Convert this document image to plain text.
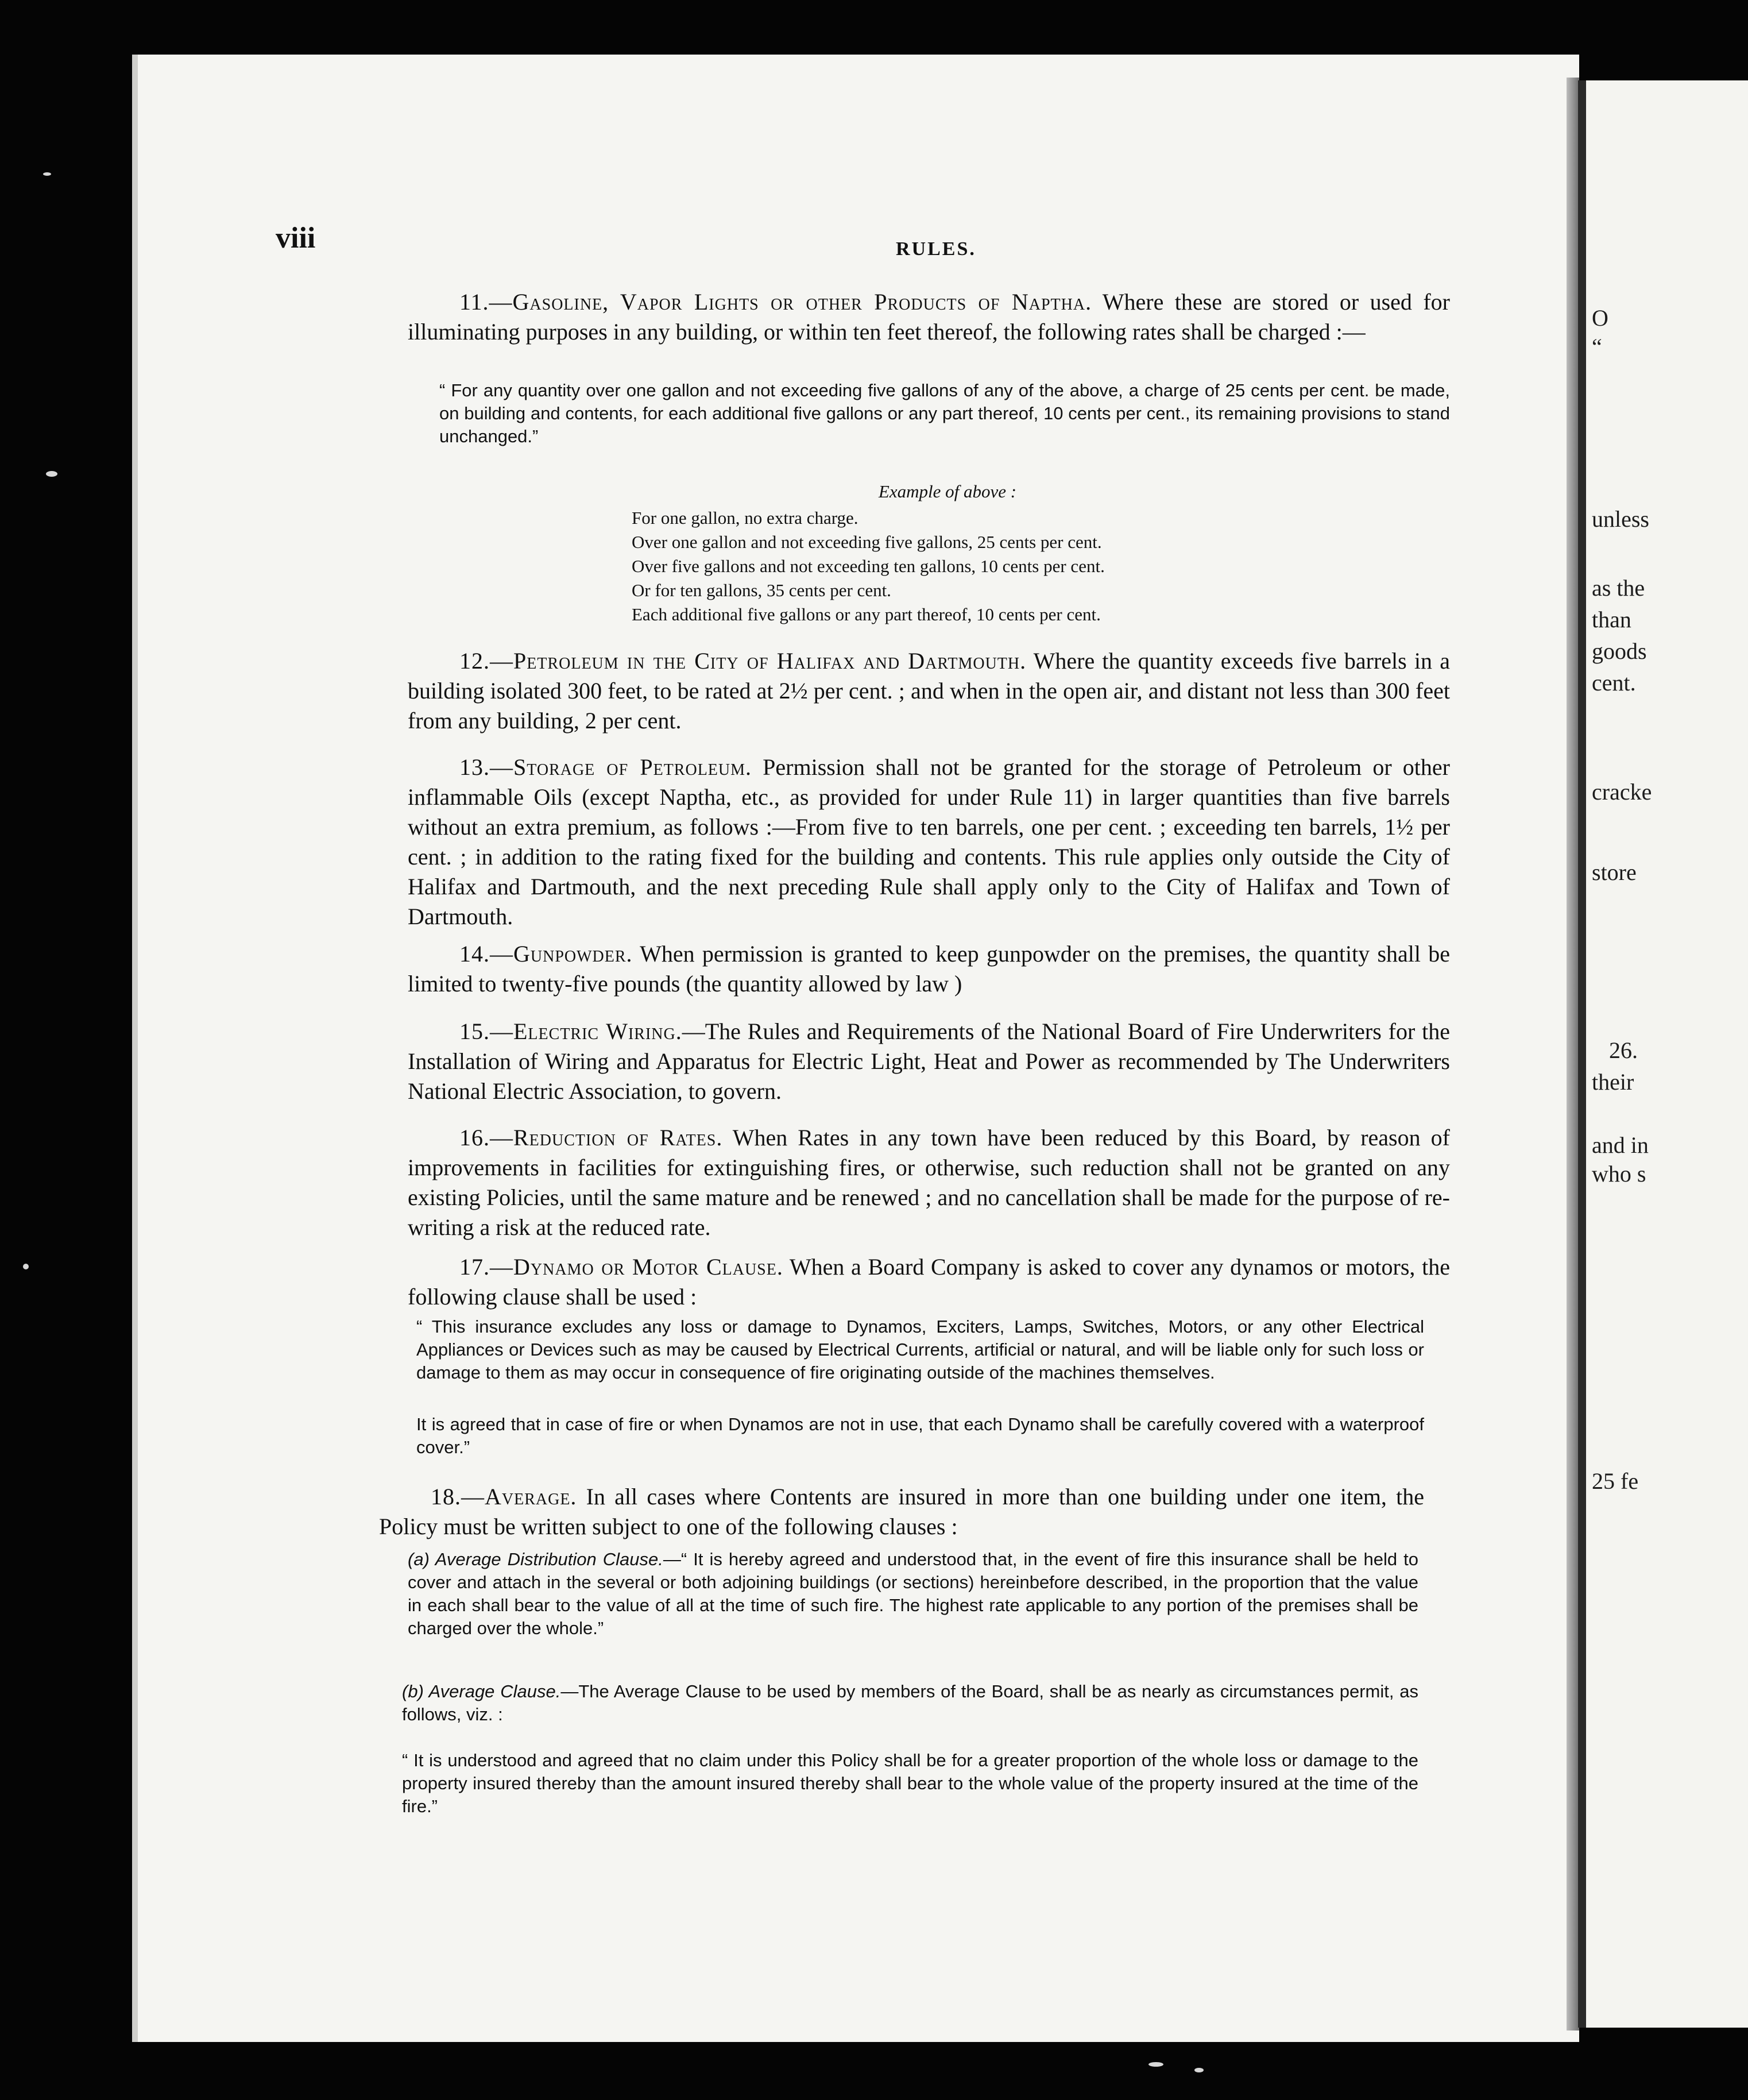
O
“
unless
as the
than
goods
cent.
cracke
store
26.
their
and in
who s
25 fe
viii	RULES.

11.—Gasoline, Vapor Lights or other Products of Naptha. Where these are stored or used for illuminating purposes in any building, or within ten feet thereof, the following rates shall be charged :—

“ For any quantity over one gallon and not exceeding five gallons of any of the above, a charge of 25 cents per cent. be made, on building and contents, for each additional five gallons or any part thereof, 10 cents per cent., its remaining provisions to stand unchanged.”
Example of above :
For one gallon, no extra charge.
Over one gallon and not exceeding five gallons, 25 cents per cent.
Over five gallons and not exceeding ten gallons, 10 cents per cent.
Or for ten gallons, 35 cents per cent.
Each additional five gallons or any part thereof, 10 cents per cent.

12.—Petroleum in the City of Halifax and Dartmouth. Where the quantity exceeds five barrels in a building isolated 300 feet, to be rated at 2½ per cent. ; and when in the open air, and distant not less than 300 feet from any building, 2 per cent.

13.—Storage of Petroleum. Permission shall not be granted for the storage of Petroleum or other inflammable Oils (except Naptha, etc., as provided for under Rule 11) in larger quantities than five barrels without an extra premium, as follows :—From five to ten barrels, one per cent. ; exceeding ten barrels, 1½ per cent. ; in addition to the rating fixed for the building and contents. This rule applies only outside the City of Halifax and Dartmouth, and the next preceding Rule shall apply only to the City of Halifax and Town of Dartmouth.

14.—Gunpowder. When permission is granted to keep gunpowder on the premises, the quantity shall be limited to twenty-five pounds (the quantity allowed by law )

15.—Electric Wiring.—The Rules and Requirements of the National Board of Fire Underwriters for the Installation of Wiring and Apparatus for Electric Light, Heat and Power as recommended by The Underwriters National Electric Association, to govern.

16.—Reduction of Rates. When Rates in any town have been reduced by this Board, by reason of improvements in facilities for extinguishing fires, or otherwise, such reduction shall not be granted on any existing Policies, until the same mature and be renewed ; and no cancellation shall be made for the purpose of re-writing a risk at the reduced rate.

17.—Dynamo or Motor Clause. When a Board Company is asked to cover any dynamos or motors, the following clause shall be used :

“ This insurance excludes any loss or damage to Dynamos, Exciters, Lamps, Switches, Motors, or any other Electrical Appliances or Devices such as may be caused by Electrical Currents, artificial or natural, and will be liable only for such loss or damage to them as may occur in consequence of fire originating outside of the machines themselves.
It is agreed that in case of fire or when Dynamos are not in use, that each Dynamo shall be carefully covered with a waterproof cover.”

18.—Average. In all cases where Contents are insured in more than one building under one item, the Policy must be written subject to one of the following clauses :

(a) Average Distribution Clause.—“ It is hereby agreed and understood that, in the event of fire this insurance shall be held to cover and attach in the several or both adjoining buildings (or sections) hereinbefore described, in the proportion that the value in each shall bear to the value of all at the time of such fire. The highest rate applicable to any portion of the premises shall be charged over the whole.”
(b) Average Clause.—The Average Clause to be used by members of the Board, shall be as nearly as circumstances permit, as follows, viz. :
“ It is understood and agreed that no claim under this Policy shall be for a greater proportion of the whole loss or damage to the property insured thereby than the amount insured thereby shall bear to the whole value of the property insured at the time of the fire.”
